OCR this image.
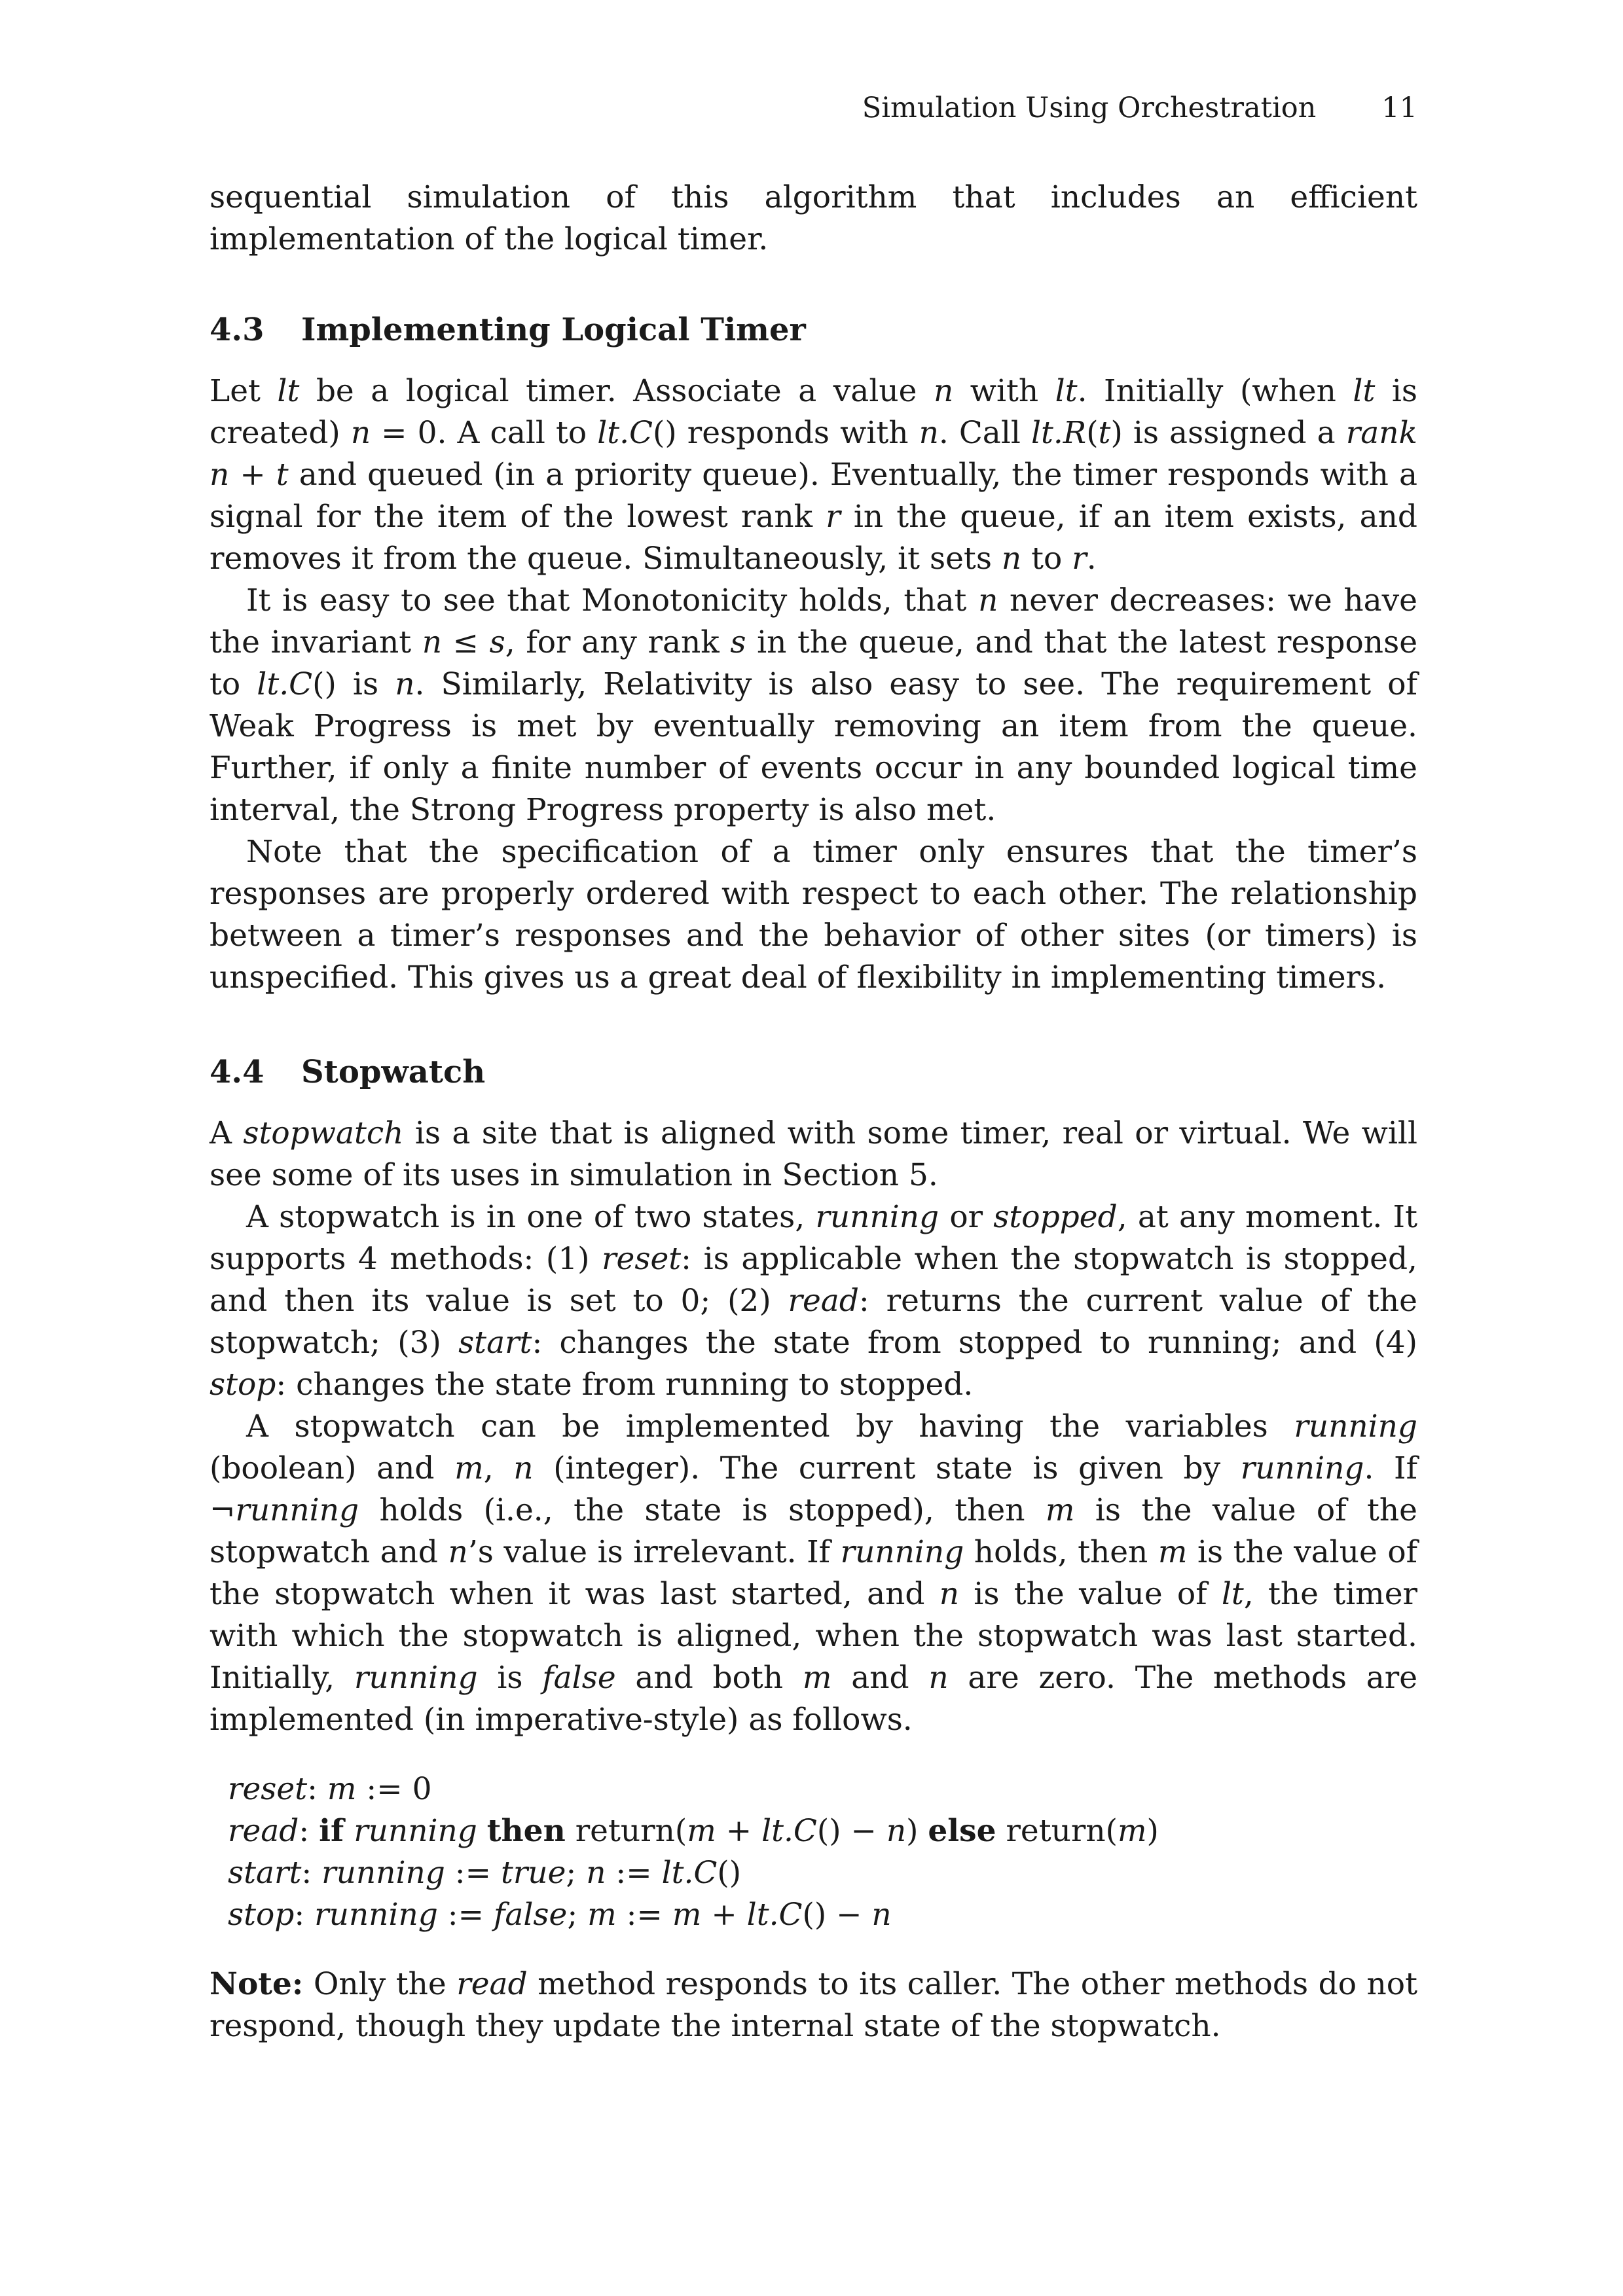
Simulation Using Orchestration 11

sequential simulation of this algorithm that includes an efficient implementation of the logical timer.

4.3 Implementing Logical Timer

Let lt be a logical timer. Associate a value n with lt. Initially (when lt is created) n = 0. A call to lt.C() responds with n. Call lt.R(t) is assigned a rank n + t and queued (in a priority queue). Eventually, the timer responds with a signal for the item of the lowest rank r in the queue, if an item exists, and removes it from the queue. Simultaneously, it sets n to r.

It is easy to see that Monotonicity holds, that n never decreases: we have the invariant n ≤ s, for any rank s in the queue, and that the latest response to lt.C() is n. Similarly, Relativity is also easy to see. The requirement of Weak Progress is met by eventually removing an item from the queue. Further, if only a finite number of events occur in any bounded logical time interval, the Strong Progress property is also met.

Note that the specification of a timer only ensures that the timer’s responses are properly ordered with respect to each other. The relationship between a timer’s responses and the behavior of other sites (or timers) is unspecified. This gives us a great deal of flexibility in implementing timers.

4.4 Stopwatch

A stopwatch is a site that is aligned with some timer, real or virtual. We will see some of its uses in simulation in Section 5.

A stopwatch is in one of two states, running or stopped, at any moment. It supports 4 methods: (1) reset: is applicable when the stopwatch is stopped, and then its value is set to 0; (2) read: returns the current value of the stopwatch; (3) start: changes the state from stopped to running; and (4) stop: changes the state from running to stopped.

A stopwatch can be implemented by having the variables running (boolean) and m, n (integer). The current state is given by running. If ¬running holds (i.e., the state is stopped), then m is the value of the stopwatch and n’s value is irrelevant. If running holds, then m is the value of the stopwatch when it was last started, and n is the value of lt, the timer with which the stopwatch is aligned, when the stopwatch was last started. Initially, running is false and both m and n are zero. The methods are implemented (in imperative-style) as follows.

reset: m := 0
read: if running then return(m + lt.C() − n) else return(m)
start: running := true; n := lt.C()
stop: running := false; m := m + lt.C() − n

Note: Only the read method responds to its caller. The other methods do not respond, though they update the internal state of the stopwatch.
